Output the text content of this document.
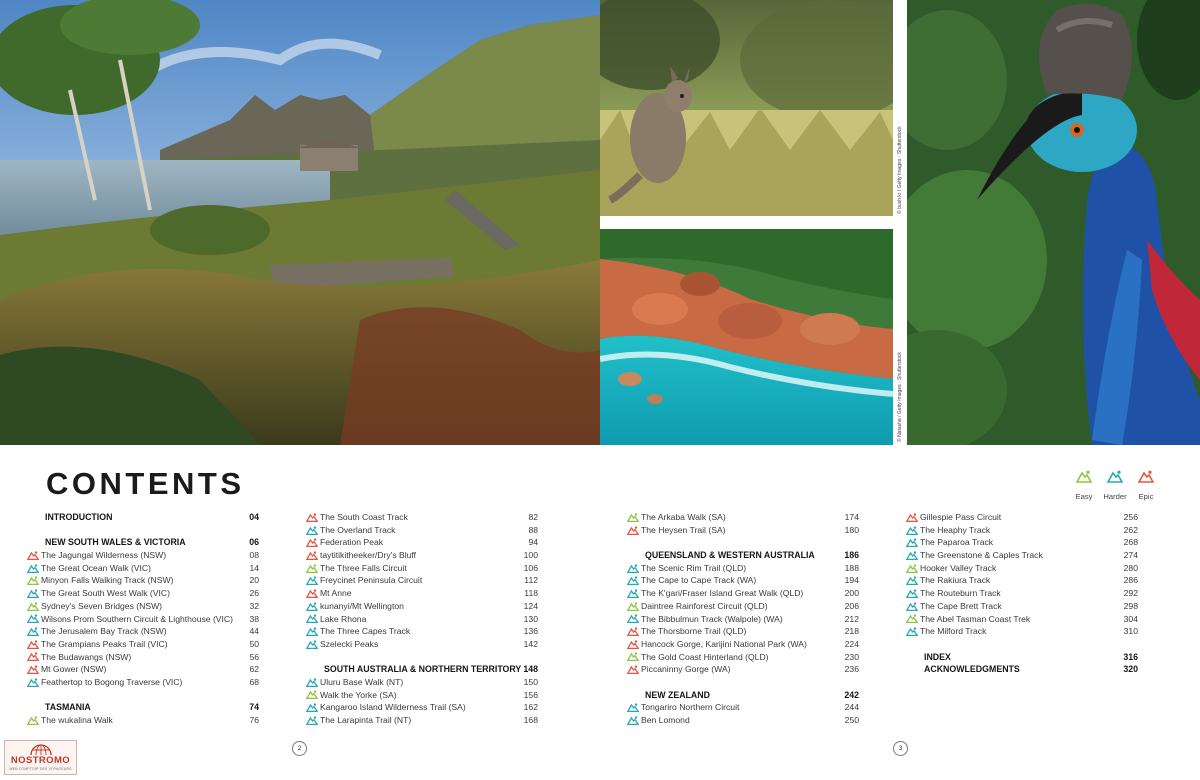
© bush.kr / Getty Images · Shutterstock
© Natasha / Getty Images · Shutterstock
CONTENTS
INTRODUCTION	04
NEW SOUTH WALES & VICTORIA	06
The Jagungal Wilderness (NSW)	08
The Great Ocean Walk (VIC)	14
Minyon Falls Walking Track (NSW)	20
The Great South West Walk (VIC)	26
Sydney's Seven Bridges (NSW)	32
Wilsons Prom Southern Circuit & Lighthouse (VIC)	38
The Jerusalem Bay Track (NSW)	44
The Grampians Peaks Trail (VIC)	50
The Budawangs (NSW)	56
Mt Gower (NSW)	62
Feathertop to Bogong Traverse (VIC)	68
TASMANIA	74
The wukalina Walk	76
The South Coast Track	82
The Overland Track	88
Federation Peak	94
taytitikitheeker/Dry's Bluff	100
The Three Falls Circuit	106
Freycinet Peninsula Circuit	112
Mt Anne	118
kunanyi/Mt Wellington	124
Lake Rhona	130
The Three Capes Track	136
Szelecki Peaks	142
SOUTH AUSTRALIA & NORTHERN TERRITORY 148
Uluru Base Walk (NT)	150
Walk the Yorke (SA)	156
Kangaroo Island Wilderness Trail (SA)	162
The Larapinta Trail (NT)	168
The Arkaba Walk (SA)	174
The Heysen Trail (SA)	180
QUEENSLAND & WESTERN AUSTRALIA	186
The Scenic Rim Trail (QLD)	188
The Cape to Cape Track (WA)	194
The K'gari/Fraser Island Great Walk (QLD)	200
Daintree Rainforest Circuit (QLD)	206
The Bibbulmun Track (Walpole) (WA)	212
The Thorsborne Trail (QLD)	218
Hancock Gorge, Karijini National Park (WA)	224
The Gold Coast Hinterland (QLD)	230
Piccaninny Gorge (WA)	236
NEW ZEALAND	242
Tongariro Northern Circuit	244
Ben Lomond	250
Gillespie Pass Circuit	256
The Heaphy Track	262
The Paparoa Track	268
The Greenstone & Caples Track	274
Hooker Valley Track	280
The Rakiura Track	286
The Routeburn Track	292
The Cape Brett Track	298
The Abel Tasman Coast Trek	304
The Milford Track	310
INDEX	316
ACKNOWLEDGMENTS	320
Easy	Harder	Epic
2	3
NOSTROMO
WEB COMPTOIR DES VOYAGEURS
